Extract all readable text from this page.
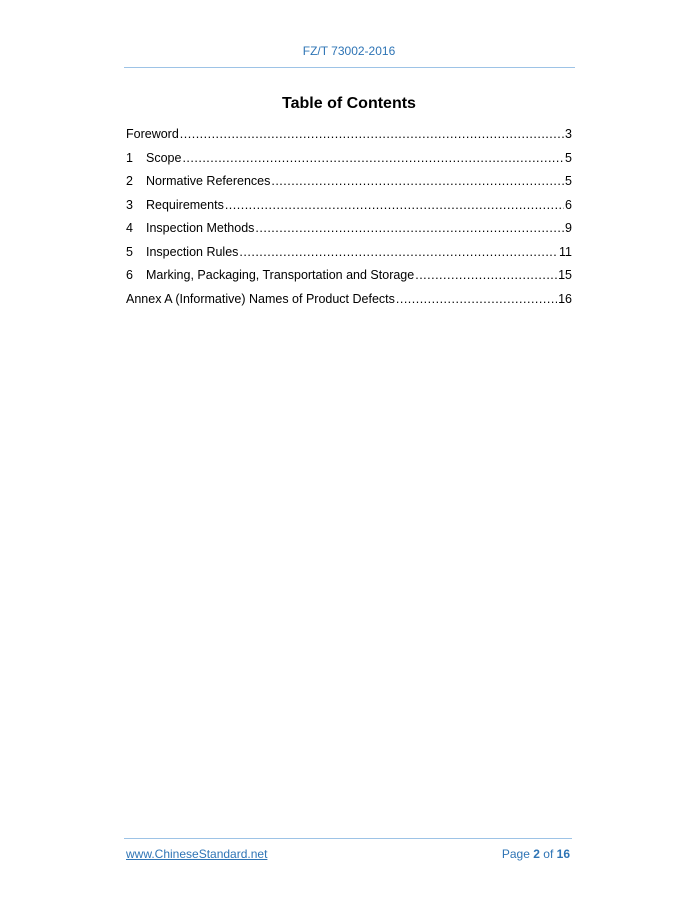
FZ/T 73002-2016
Table of Contents
Foreword .....	3
1	Scope .....	5
2	Normative References .....	5
3	Requirements .....	6
4	Inspection Methods .....	9
5	Inspection Rules .....	11
6	Marking, Packaging, Transportation and Storage .....	15
Annex A (Informative) Names of Product Defects .....	16
www.ChineseStandard.net	Page 2 of 16
